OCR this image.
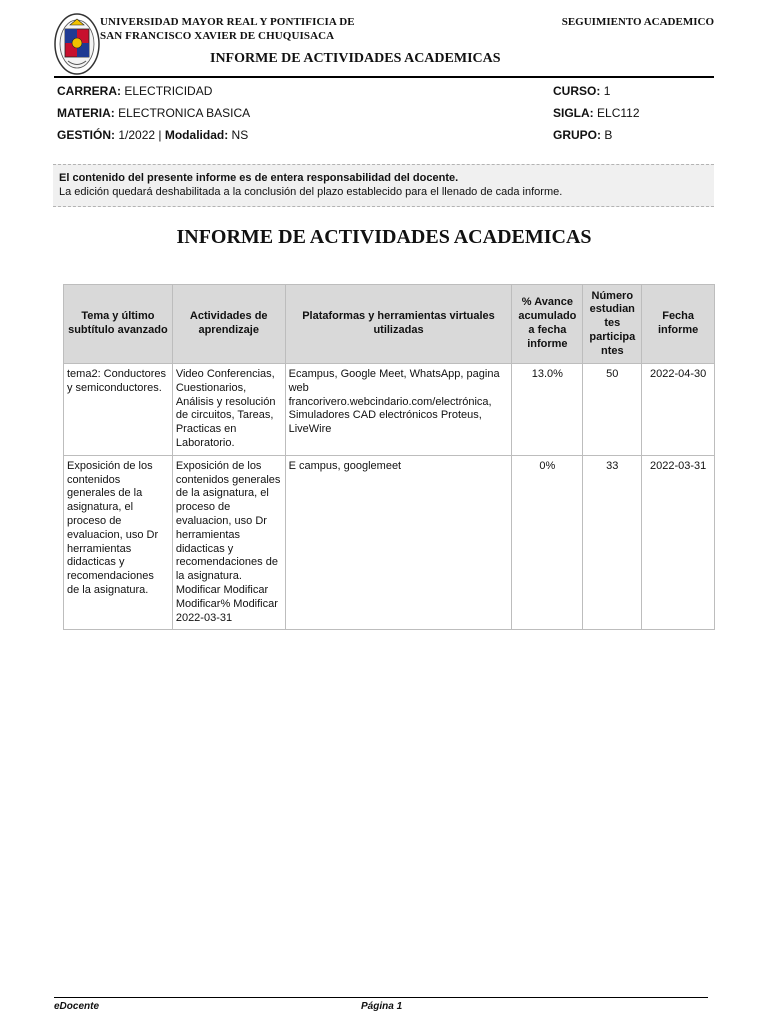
UNIVERSIDAD MAYOR REAL Y PONTIFICIA DE
SAN FRANCISCO XAVIER DE CHUQUISACA
SEGUIMIENTO ACADEMICO
INFORME DE ACTIVIDADES ACADEMICAS
CARRERA: ELECTRICIDAD	CURSO: 1
MATERIA: ELECTRONICA BASICA	SIGLA: ELC112
GESTIÓN: 1/2022 | Modalidad: NS	GRUPO: B
El contenido del presente informe es de entera responsabilidad del docente.
La edición quedará deshabilitada a la conclusión del plazo establecido para el llenado de cada informe.
INFORME DE ACTIVIDADES ACADEMICAS
Tema y último subtítulo avanzado	Actividades de aprendizaje	Plataformas y herramientas virtuales utilizadas	% Avance acumulado a fecha informe	Número estudian tes participa ntes	Fecha informe
tema2: Conductores y semiconductores.	Video Conferencias, Cuestionarios, Análisis y resolución de circuitos, Tareas, Practicas en Laboratorio.	Ecampus, Google Meet, WhatsApp, pagina web francorivero.webcindario.com/electrónica, Simuladores CAD electrónicos Proteus, LiveWire	13.0%	50	2022-04-30
Exposición de los contenidos generales de la asignatura, el proceso de evaluacion, uso Dr herramientas didacticas y recomendaciones de la asignatura.	Exposición de los contenidos generales de la asignatura, el proceso de evaluacion, uso Dr herramientas didacticas y recomendaciones de la asignatura. Modificar Modificar Modificar% Modificar 2022-03-31	E campus, googlemeet	0%	33	2022-03-31
eDocente	Página 1
